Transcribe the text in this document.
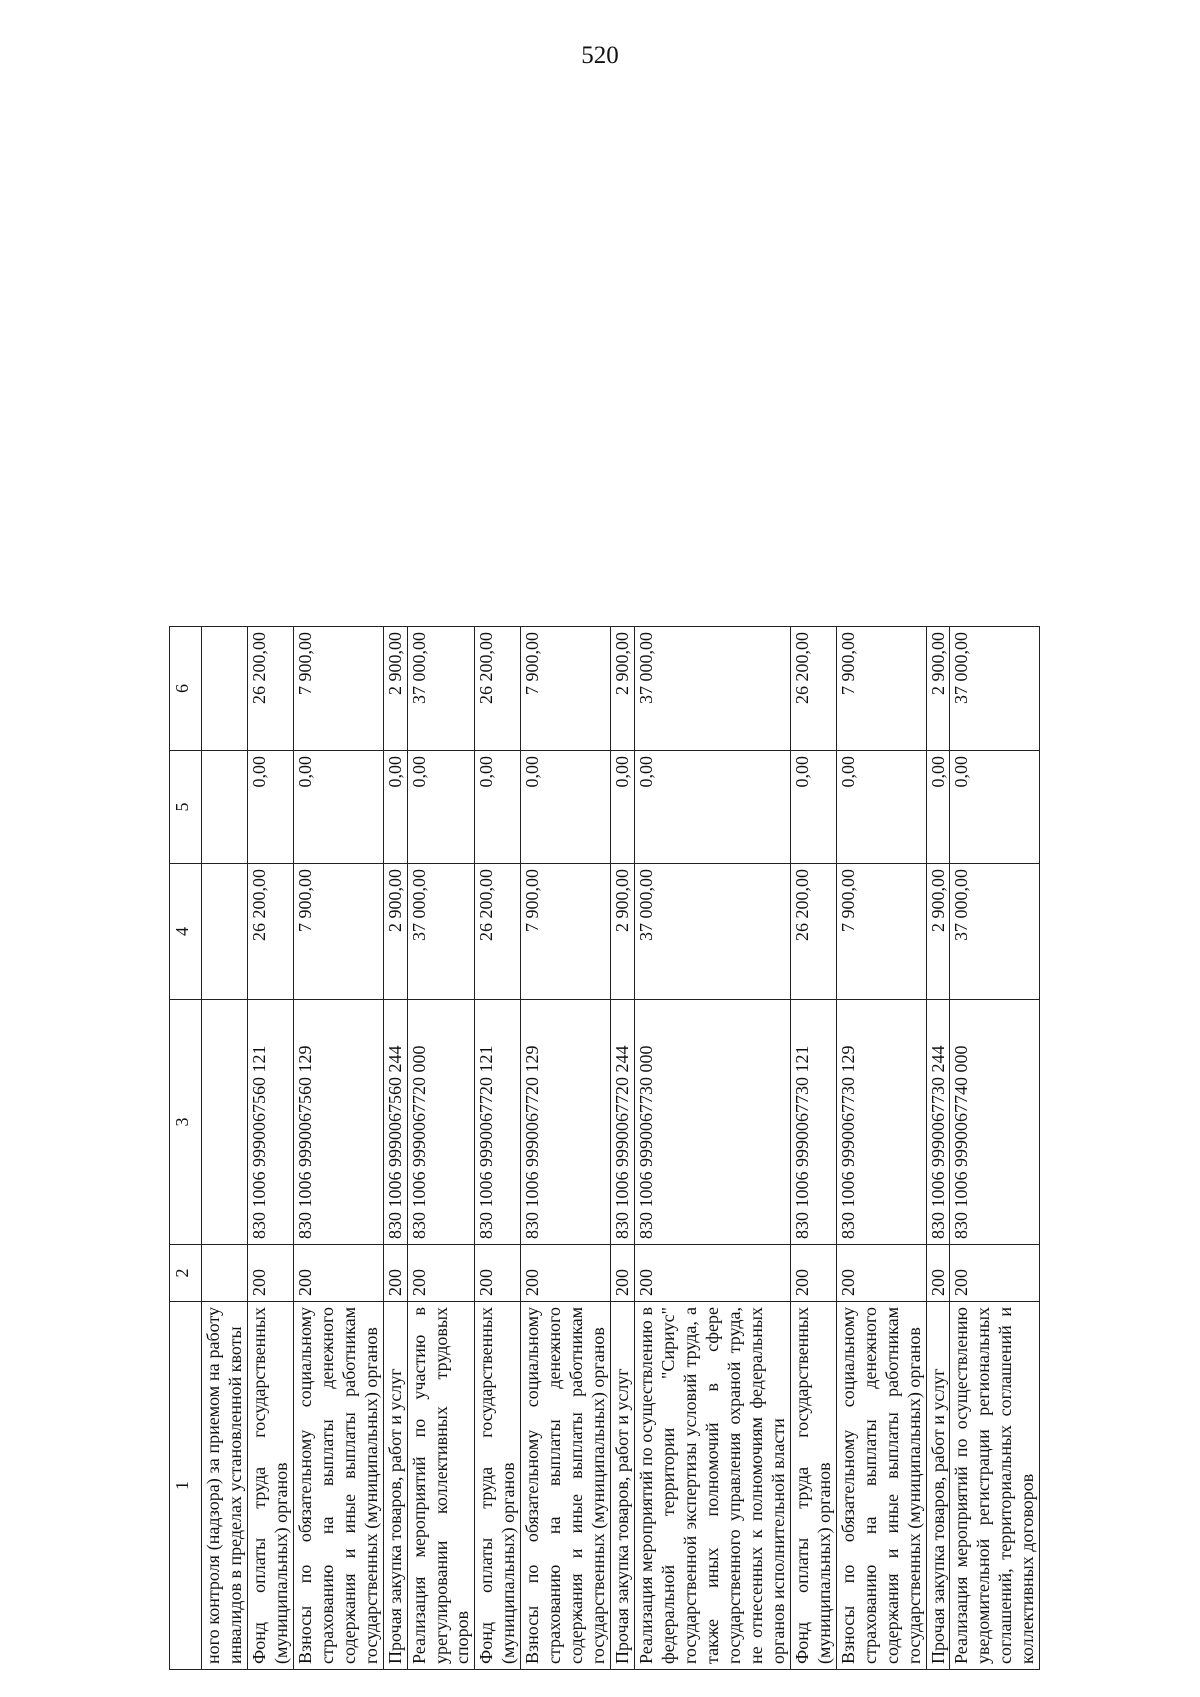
520
1	2	3	4	5	6
ного контроля (надзора) за приемом на работу инвалидов в пределах установленной квоты					
Фонд оплаты труда государственных (муниципальных) органов	200	830 1006 9990067560 121	26 200,00	0,00	26 200,00
Взносы по обязательному социальному страхованию на выплаты денежного содержания и иные выплаты работникам государственных (муниципальных) органов	200	830 1006 9990067560 129	7 900,00	0,00	7 900,00
Прочая закупка товаров, работ и услуг	200	830 1006 9990067560 244	2 900,00	0,00	2 900,00
Реализация мероприятий по участию в урегулировании коллективных трудовых споров	200	830 1006 9990067720 000	37 000,00	0,00	37 000,00
Фонд оплаты труда государственных (муниципальных) органов	200	830 1006 9990067720 121	26 200,00	0,00	26 200,00
Взносы по обязательному социальному страхованию на выплаты денежного содержания и иные выплаты работникам государственных (муниципальных) органов	200	830 1006 9990067720 129	7 900,00	0,00	7 900,00
Прочая закупка товаров, работ и услуг	200	830 1006 9990067720 244	2 900,00	0,00	2 900,00
Реализация мероприятий по осуществлению в федеральной территории "Сириус" государственной экспертизы условий труда, а также иных полномочий в сфере государственного управления охраной труда, не отнесенных к полномочиям федеральных органов исполнительной власти	200	830 1006 9990067730 000	37 000,00	0,00	37 000,00
Фонд оплаты труда государственных (муниципальных) органов	200	830 1006 9990067730 121	26 200,00	0,00	26 200,00
Взносы по обязательному социальному страхованию на выплаты денежного содержания и иные выплаты работникам государственных (муниципальных) органов	200	830 1006 9990067730 129	7 900,00	0,00	7 900,00
Прочая закупка товаров, работ и услуг	200	830 1006 9990067730 244	2 900,00	0,00	2 900,00
Реализация мероприятий по осуществлению уведомительной регистрации региональных соглашений, территориальных соглашений и коллективных договоров	200	830 1006 9990067740 000	37 000,00	0,00	37 000,00
